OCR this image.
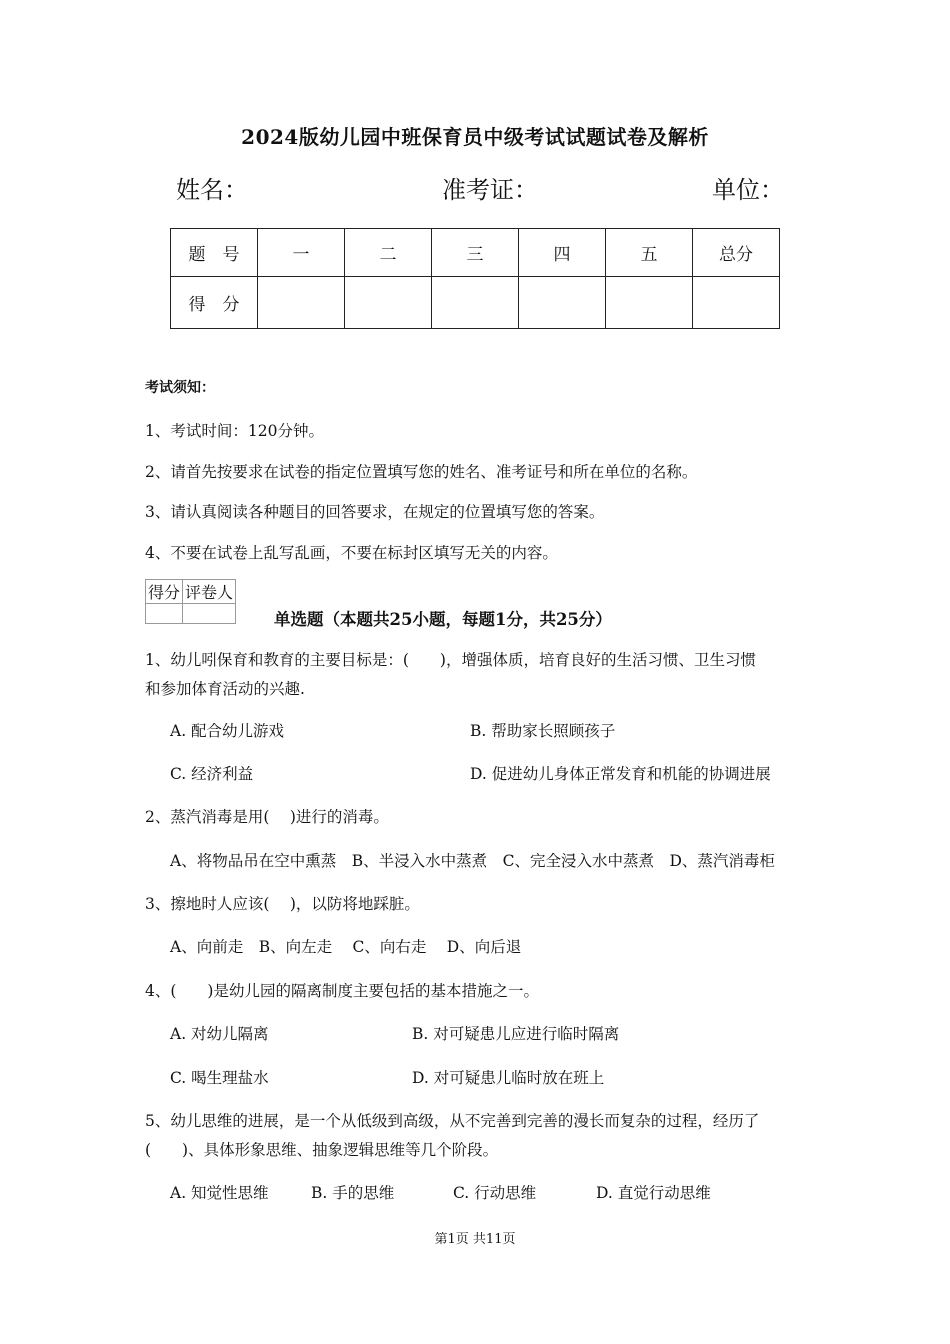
2024版幼儿园中班保育员中级考试试题试卷及解析
姓名：	准考证：	单位：
题　号	一	二	三	四	五	总分
得　分						
考试须知：
1、考试时间：120分钟。
2、请首先按要求在试卷的指定位置填写您的姓名、准考证号和所在单位的名称。
3、请认真阅读各种题目的回答要求，在规定的位置填写您的答案。
4、不要在试卷上乱写乱画，不要在标封区填写无关的内容。
得分	评卷人

单选题（本题共25小题，每题1分，共25分）
1、幼儿吲保育和教育的主要目标是：(　　)，增强体质，培育良好的生活习惯、卫生习惯
和参加体育活动的兴趣.
A. 配合幼儿游戏	B. 帮助家长照顾孩子
C. 经济利益	D. 促进幼儿身体正常发育和机能的协调进展
2、蒸汽消毒是用(　 )进行的消毒。
A、将物品吊在空中熏蒸　B、半浸入水中蒸煮　C、完全浸入水中蒸煮　D、蒸汽消毒柜
3、擦地时人应该(　 )，以防将地踩脏。
A、向前走　B、向左走　 C、向右走　 D、向后退
4、(　　)是幼儿园的隔离制度主要包括的基本措施之一。
A. 对幼儿隔离	B. 对可疑患儿应进行临时隔离
C. 喝生理盐水	D. 对可疑患儿临时放在班上
5、幼儿思维的进展，是一个从低级到高级，从不完善到完善的漫长而复杂的过程，经历了
(　　)、具体形象思维、抽象逻辑思维等几个阶段。
A. 知觉性思维	B. 手的思维	C. 行动思维	D. 直觉行动思维
第1页 共11页
